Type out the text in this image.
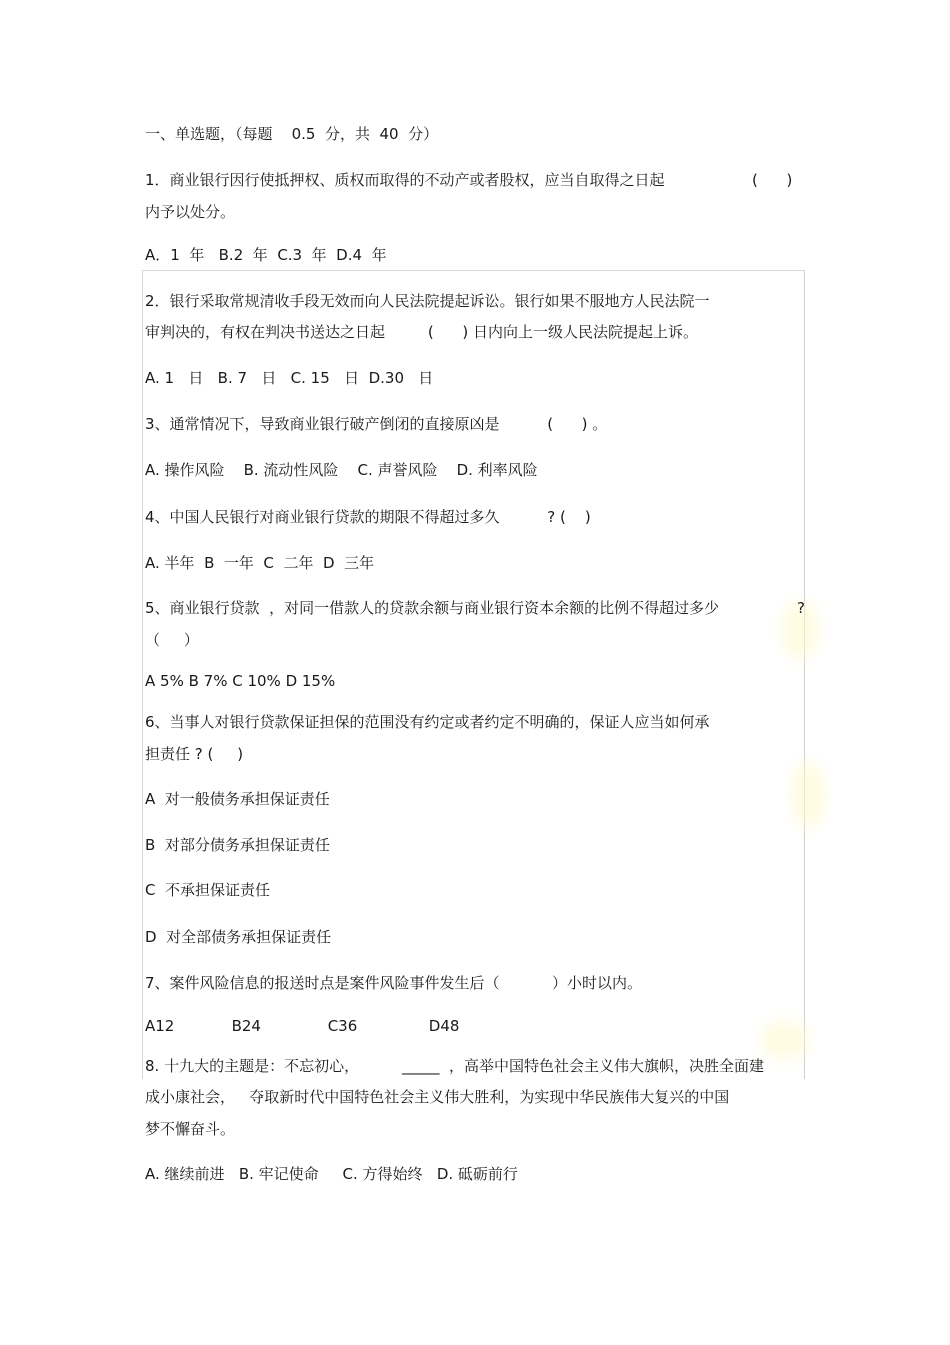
一、单选题，（每题    0.5  分，共  40  分）
1．商业银行因行使抵押权、质权而取得的不动产或者股权，应当自取得之日起	(      )
内予以处分。
A．1  年   B.2  年  C.3  年  D.4  年
2．银行采取常规清收手段无效而向人民法院提起诉讼。银行如果不服地方人民法院一
审判决的，有权在判决书送达之日起         (      ) 日内向上一级人民法院提起上诉。
A. 1   日   B. 7   日   C. 15   日  D.30   日
3、通常情况下，导致商业银行破产倒闭的直接原凶是          (      ) 。
A. 操作风险    B. 流动性风险    C. 声誉风险    D. 利率风险
4、中国人民银行对商业银行贷款的期限不得超过多久          ? (    )
A. 半年  B  一年  C  二年  D  三年
5、商业银行贷款  ，对同一借款人的贷款余额与商业银行资本余额的比例不得超过多少	?
（     ）
A 5% B 7% C 10% D 15%
6、当事人对银行贷款保证担保的范围没有约定或者约定不明确的，保证人应当如何承
担责任 ? (     )
A  对一般债务承担保证责任
B  对部分债务承担保证责任
C  不承担保证责任
D  对全部债务承担保证责任
7、案件风险信息的报送时点是案件风险事件发生后（           ）小时以内。
A12            B24              C36               D48
8. 十九大的主题是：不忘初心，         _____  ，高举中国特色社会主义伟大旗帜，决胜全面建
成小康社会，   夺取新时代中国特色社会主义伟大胜利，为实现中华民族伟大复兴的中国
梦不懈奋斗。
A. 继续前进   B. 牢记使命     C. 方得始终   D. 砥砺前行
